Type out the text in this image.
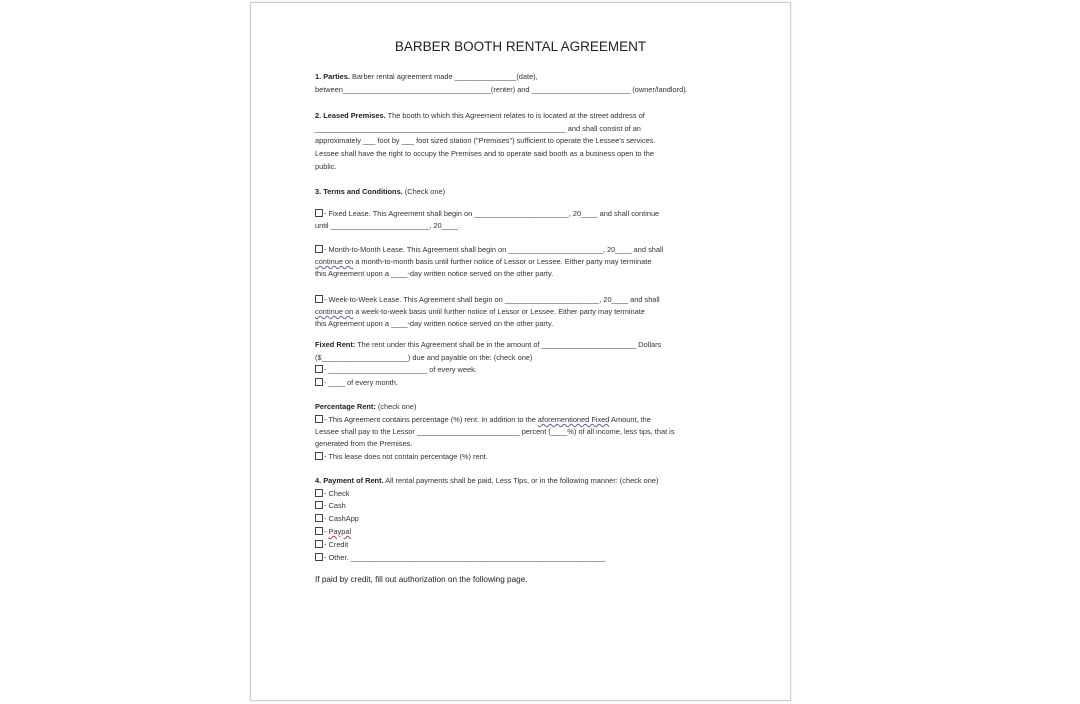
BARBER BOOTH RENTAL AGREEMENT
1. Parties. Barber rental agreement made _______________(date),
between____________________________________(renter) and ________________________ (owner/landlord).
2. Leased Premises. The booth to which this Agreement relates to is located at the street address of
_____________________________________________________________ and shall consist of an
approximately ___ foot by ___ foot sized station ("Premises") sufficient to operate the Lessee's services.
Lessee shall have the right to occupy the Premises and to operate said booth as a business open to the
public.
3. Terms and Conditions. (Check one)
- Fixed Lease. This Agreement shall begin on _______________________, 20____ and shall continue
until ________________________, 20____.
- Month-to-Month Lease. This Agreement shall begin on _______________________, 20____ and shall
continue on a month-to-month basis until further notice of Lessor or Lessee. Either party may terminate
this Agreement upon a ____-day written notice served on the other party.
- Week-to-Week Lease. This Agreement shall begin on _______________________, 20____ and shall
continue on a week-to-week basis until further notice of Lessor or Lessee. Either party may terminate
this Agreement upon a ____-day written notice served on the other party.
Fixed Rent: The rent under this Agreement shall be in the amount of _______________________ Dollars
($_____________________) due and payable on the: (check one)
- ________________________ of every week.
- ____ of every month.
Percentage Rent: (check one)
- This Agreement contains percentage (%) rent. In addition to the aforementioned Fixed Amount, the
Lessee shall pay to the Lessor _________________________ percent (____%) of all income, less tips, that is
generated from the Premises.
- This lease does not contain percentage (%) rent.
4. Payment of Rent. All rental payments shall be paid, Less Tips, or in the following manner: (check one)
- Check
- Cash
- CashApp
- Paypal
- Credit
- Other. ______________________________________________________________
If paid by credit, fill out authorization on the following page.
